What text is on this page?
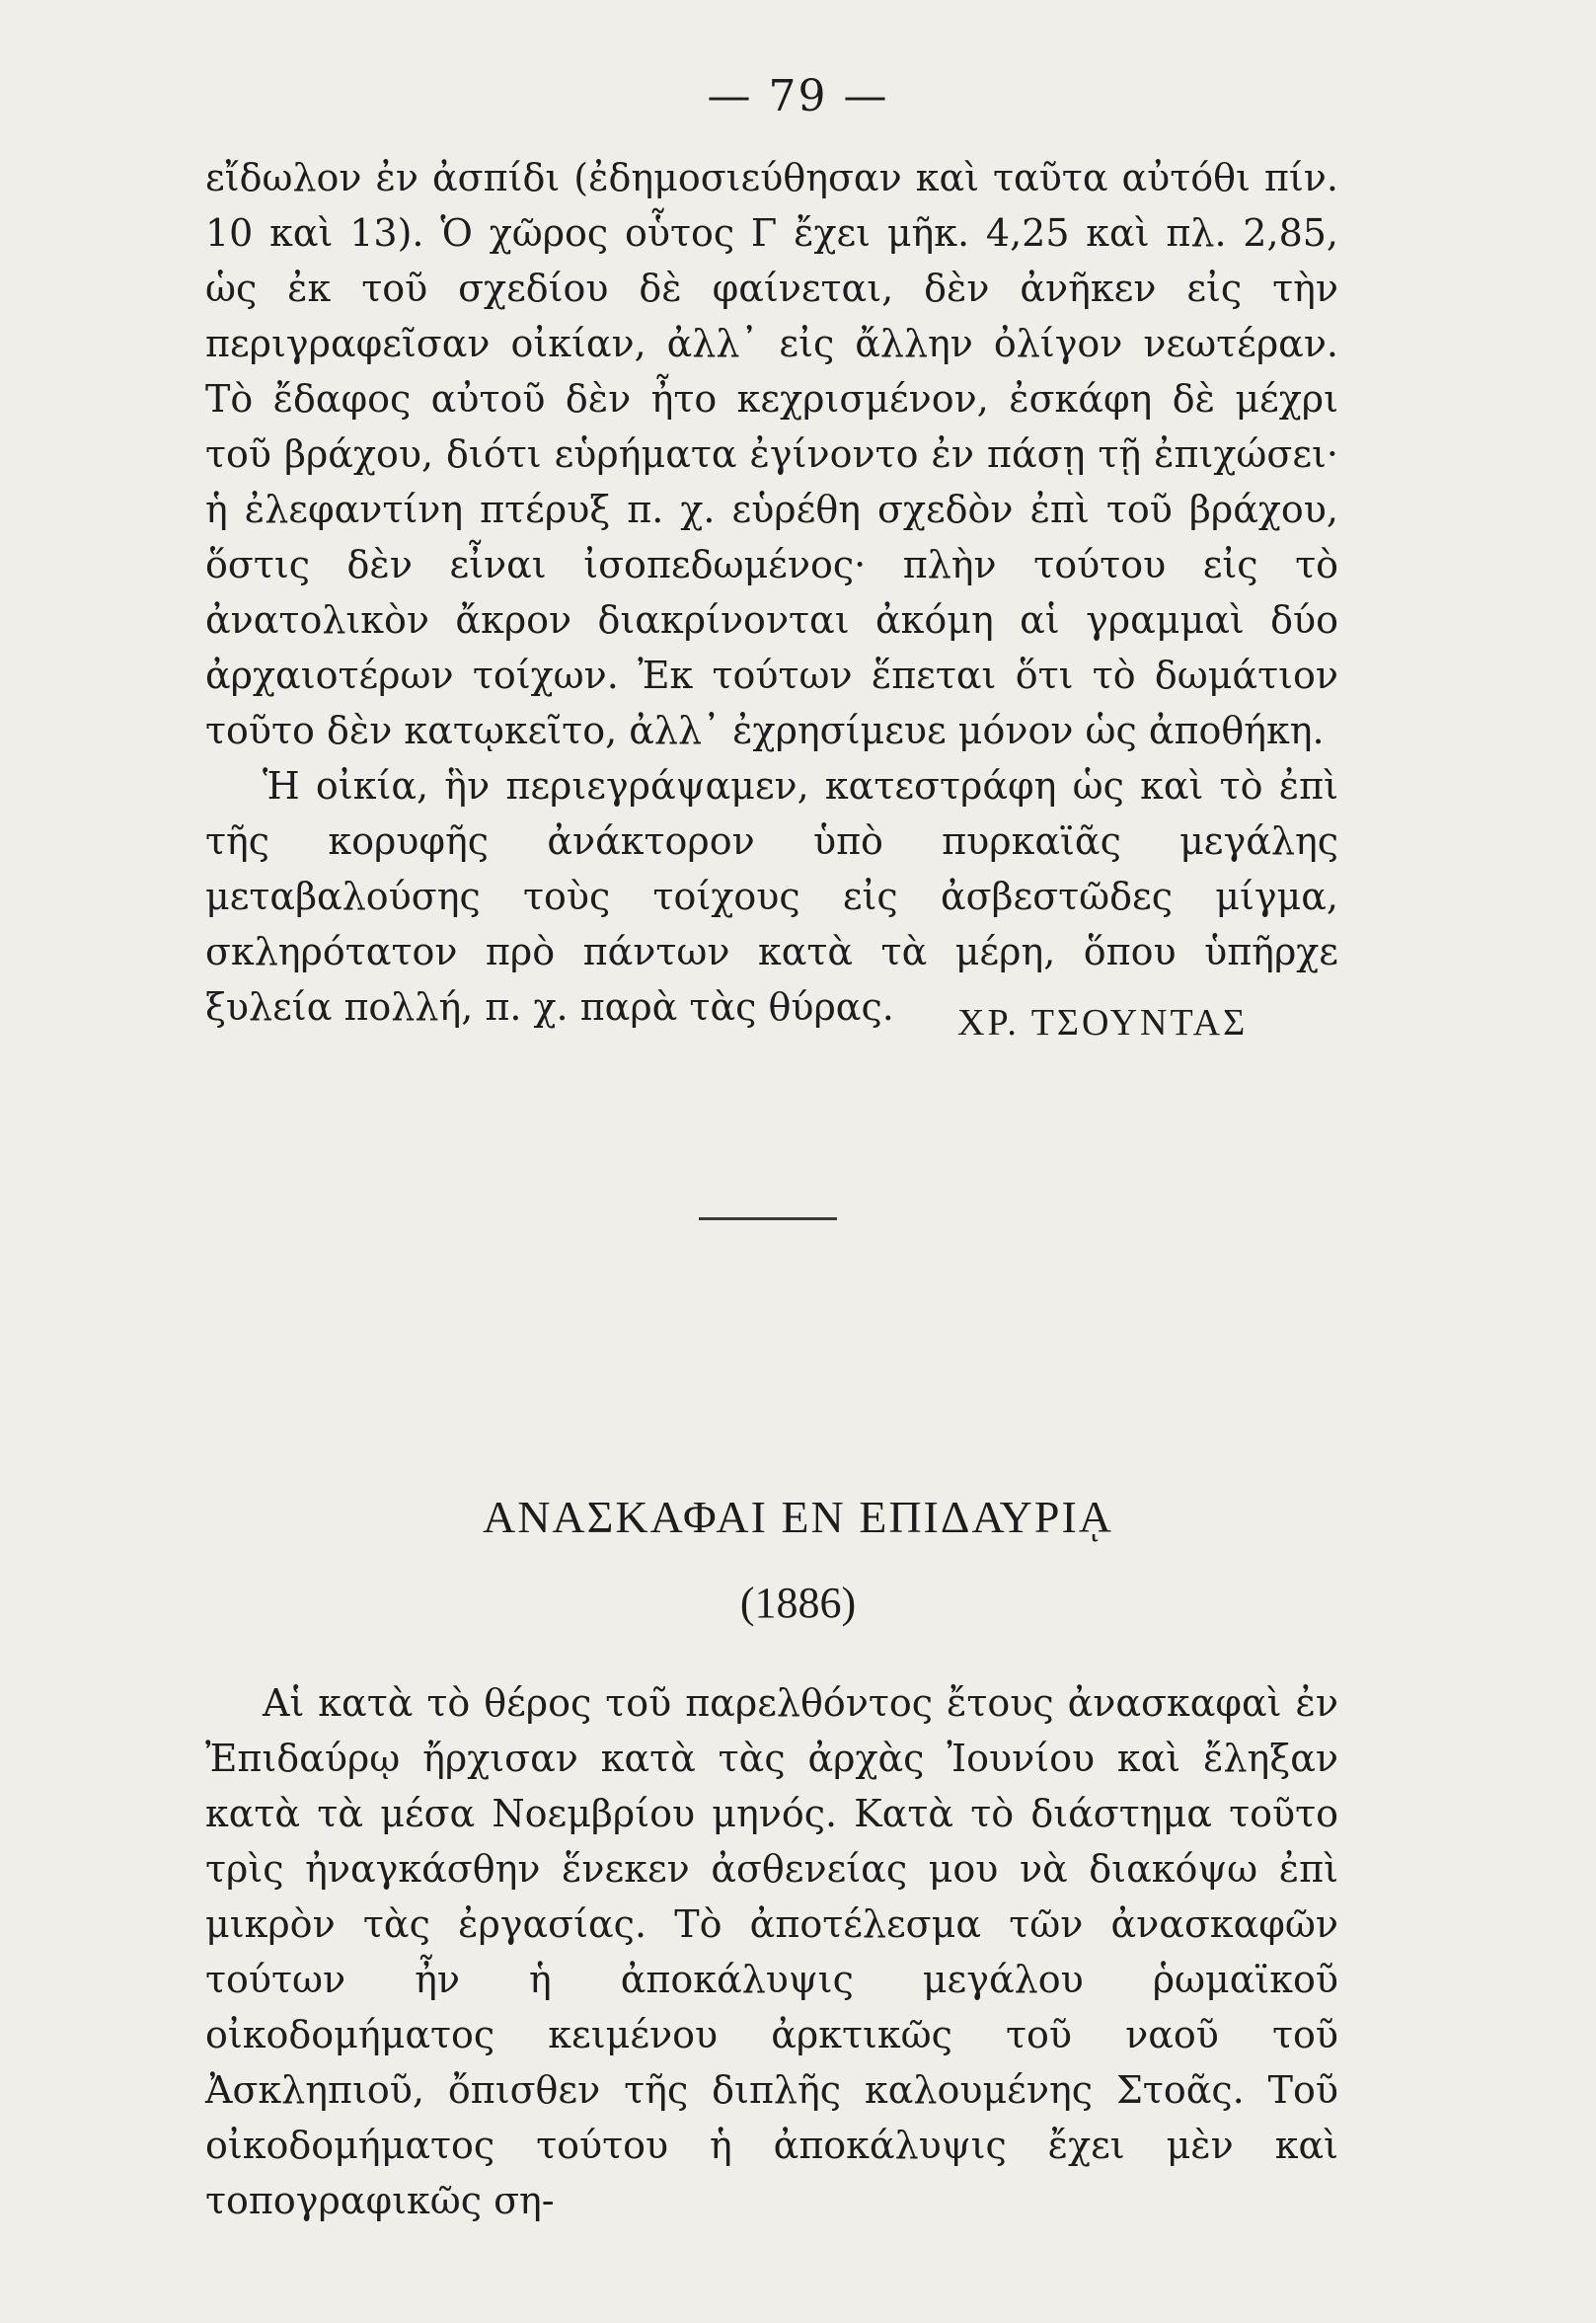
— 79 —

εἴδωλον ἐν ἀσπίδι (ἐδημοσιεύθησαν καὶ ταῦτα αὐτόθι πίν. 10 καὶ 13). Ὁ χῶρος οὗτος Γ ἔχει μῆκ. 4,25 καὶ πλ. 2,85, ὡς ἐκ τοῦ σχεδίου δὲ φαίνεται, δὲν ἀνῆκεν εἰς τὴν περιγραφεῖσαν οἰκίαν, ἀλλ᾽ εἰς ἄλλην ὀλίγον νεωτέραν. Τὸ ἔδαφος αὐτοῦ δὲν ἦτο κεχρισμένον, ἐσκάφη δὲ μέχρι τοῦ βράχου, διότι εὑρήματα ἐγίνοντο ἐν πάσῃ τῇ ἐπιχώσει· ἡ ἐλεφαντίνη πτέρυξ π. χ. εὑρέθη σχεδὸν ἐπὶ τοῦ βράχου, ὅστις δὲν εἶναι ἰσοπεδωμένος· πλὴν τούτου εἰς τὸ ἀνατολικὸν ἄκρον διακρίνονται ἀκόμη αἱ γραμμαὶ δύο ἀρχαιοτέρων τοίχων. Ἐκ τούτων ἕπεται ὅτι τὸ δωμάτιον τοῦτο δὲν κατῳκεῖτο, ἀλλ᾽ ἐχρησίμευε μόνον ὡς ἀποθήκη.

Ἡ οἰκία, ἣν περιεγράψαμεν, κατεστράφη ὡς καὶ τὸ ἐπὶ τῆς κορυφῆς ἀνάκτορον ὑπὸ πυρκαϊᾶς μεγάλης μεταβαλούσης τοὺς τοίχους εἰς ἀσβεστῶδες μίγμα, σκληρότατον πρὸ πάντων κατὰ τὰ μέρη, ὅπου ὑπῆρχε ξυλεία πολλή, π. χ. παρὰ τὰς θύρας.	ΧΡ. ΤΣΟΥΝΤΑΣ
ΑΝΑΣΚΑΦΑΙ ΕΝ ΕΠΙΔΑΥΡΙᾼ
(1886)

Αἱ κατὰ τὸ θέρος τοῦ παρελθόντος ἔτους ἀνασκαφαὶ ἐν Ἐπιδαύρῳ ἤρχισαν κατὰ τὰς ἀρχὰς Ἰουνίου καὶ ἔληξαν κατὰ τὰ μέσα Νοεμβρίου μηνός. Κατὰ τὸ διάστημα τοῦτο τρὶς ἠναγκάσθην ἕνεκεν ἀσθενείας μου νὰ διακόψω ἐπὶ μικρὸν τὰς ἐργασίας. Τὸ ἀποτέλεσμα τῶν ἀνασκαφῶν τούτων ἦν ἡ ἀποκάλυψις μεγάλου ῥωμαϊκοῦ οἰκοδομήματος κειμένου ἀρκτικῶς τοῦ ναοῦ τοῦ Ἀσκληπιοῦ, ὄπισθεν τῆς διπλῆς καλουμένης Στοᾶς. Τοῦ οἰκοδομήματος τούτου ἡ ἀποκάλυψις ἔχει μὲν καὶ τοπογραφικῶς ση-
